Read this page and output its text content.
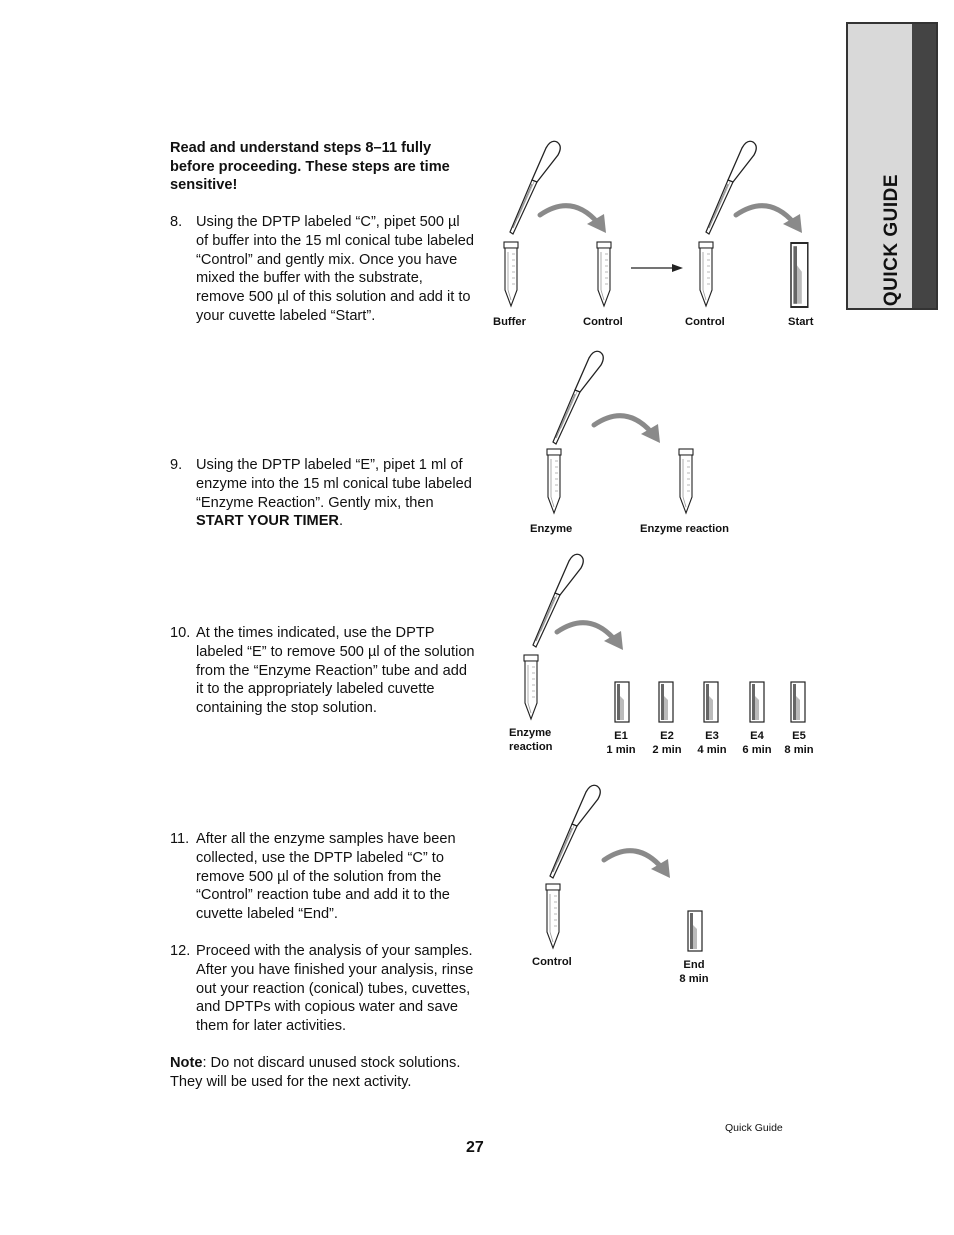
QUICK GUIDE
Read and understand steps 8–11 fully before proceeding. These steps are time sensitive!
8. Using the DPTP labeled “C”, pipet 500 µl of buffer into the 15 ml conical tube labeled “Control” and gently mix. Once you have mixed the buffer with the substrate, remove 500 µl of this solution and add it to your cuvette labeled “Start”.
9. Using the DPTP labeled “E”, pipet 1 ml of enzyme into the 15 ml conical tube labeled “Enzyme Reaction”. Gently mix, then START YOUR TIMER.
10. At the times indicated, use the DPTP labeled “E” to remove 500 µl of the solution from the “Enzyme Reaction” tube and add it to the appropriately labeled cuvette containing the stop solution.
11. After all the enzyme samples have been collected, use the DPTP labeled “C” to remove 500 µl of the solution from the “Control” reaction tube and add it to the cuvette labeled “End”.
12. Proceed with the analysis of your samples. After you have finished your analysis, rinse out your reaction (conical) tubes, cuvettes, and DPTPs with copious water and save them for later activities.
Note: Do not discard unused stock solutions. They will be used for the next activity.
Buffer	Control	Control	Start
Enzyme	Enzyme reaction
Enzyme
reaction
E1
1 min
E2
2 min
E3
4 min
E4
6 min
E5
8 min
Control	End
8 min
Quick Guide
27
